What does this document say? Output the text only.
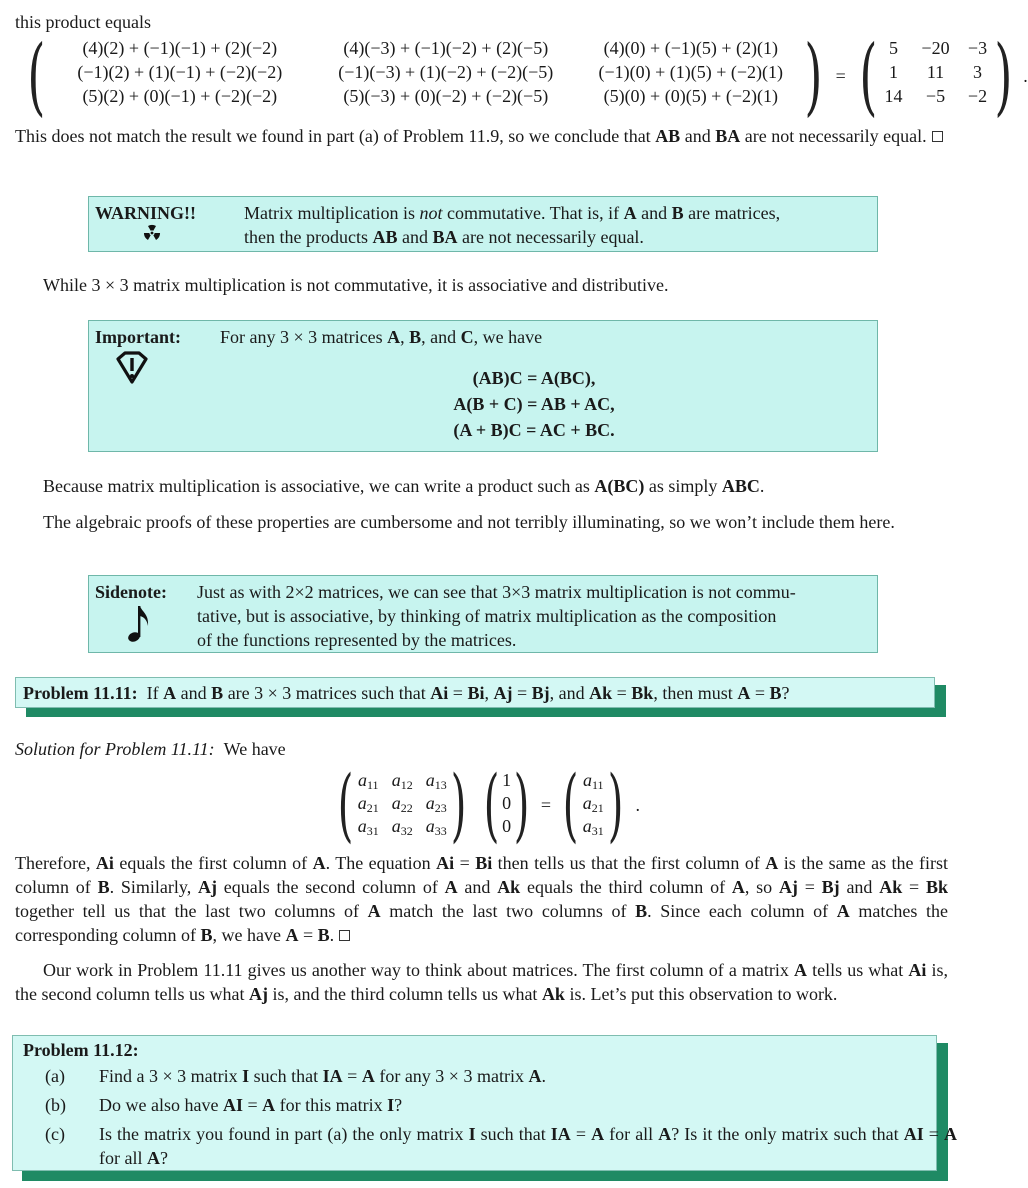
this product equals
(	(4)(2) + (−1)(−1) + (2)(−2)	(4)(−3) + (−1)(−2) + (2)(−5)	(4)(0) + (−1)(5) + (2)(1)
(−1)(2) + (1)(−1) + (−2)(−2)	(−1)(−3) + (1)(−2) + (−2)(−5)	(−1)(0) + (1)(5) + (−2)(1)
(5)(2) + (0)(−1) + (−2)(−2)	(5)(−3) + (0)(−2) + (−2)(−5)	(5)(0) + (0)(5) + (−2)(1) ) = ( 5	−20	−3
1	11	3
14	−5	−2 ) .
This does not match the result we found in part (a) of Problem 11.9, so we conclude that AB and BA are not necessarily equal.
WARNING!!	Matrix multiplication is not commutative. That is, if A and B are matrices,
then the products AB and BA are not necessarily equal.
While 3 × 3 matrix multiplication is not commutative, it is associative and distributive.
Important: For any 3 × 3 matrices A, B, and C, we have
(AB)C = A(BC),
A(B + C) = AB + AC,
(A + B)C = AC + BC.
Because matrix multiplication is associative, we can write a product such as A(BC) as simply ABC.
The algebraic proofs of these properties are cumbersome and not terribly illuminating, so we won’t include them here.
Sidenote: Just as with 2×2 matrices, we can see that 3×3 matrix multiplication is not commu-
tative, but is associative, by thinking of matrix multiplication as the composition
of the functions represented by the matrices.
Problem 11.11: If A and B are 3 × 3 matrices such that Ai = Bi, Aj = Bj, and Ak = Bk, then must A = B?
Solution for Problem 11.11: We have
( $a_{11}$ $a_{12}$ $a_{13}$
$a_{21}$ $a_{22}$ $a_{23}$
$a_{31}$ $a_{32}$ $a_{33}$ ) ( 1
0
0 ) = ( $a_{11}$
$a_{21}$
$a_{31}$ ) .
Therefore, Ai equals the first column of A. The equation Ai = Bi then tells us that the first column of A is the same as the first column of B. Similarly, Aj equals the second column of A and Ak equals the third column of A, so Aj = Bj and Ak = Bk together tell us that the last two columns of A match the last two columns of B. Since each column of A matches the corresponding column of B, we have A = B.
Our work in Problem 11.11 gives us another way to think about matrices. The first column of a matrix A tells us what Ai is, the second column tells us what Aj is, and the third column tells us what Ak is. Let’s put this observation to work.
Problem 11.12:
(a) Find a 3 × 3 matrix I such that IA = A for any 3 × 3 matrix A.
(b) Do we also have AI = A for this matrix I?
(c) Is the matrix you found in part (a) the only matrix I such that IA = A for all A? Is it the only matrix such that AI = A for all A?
